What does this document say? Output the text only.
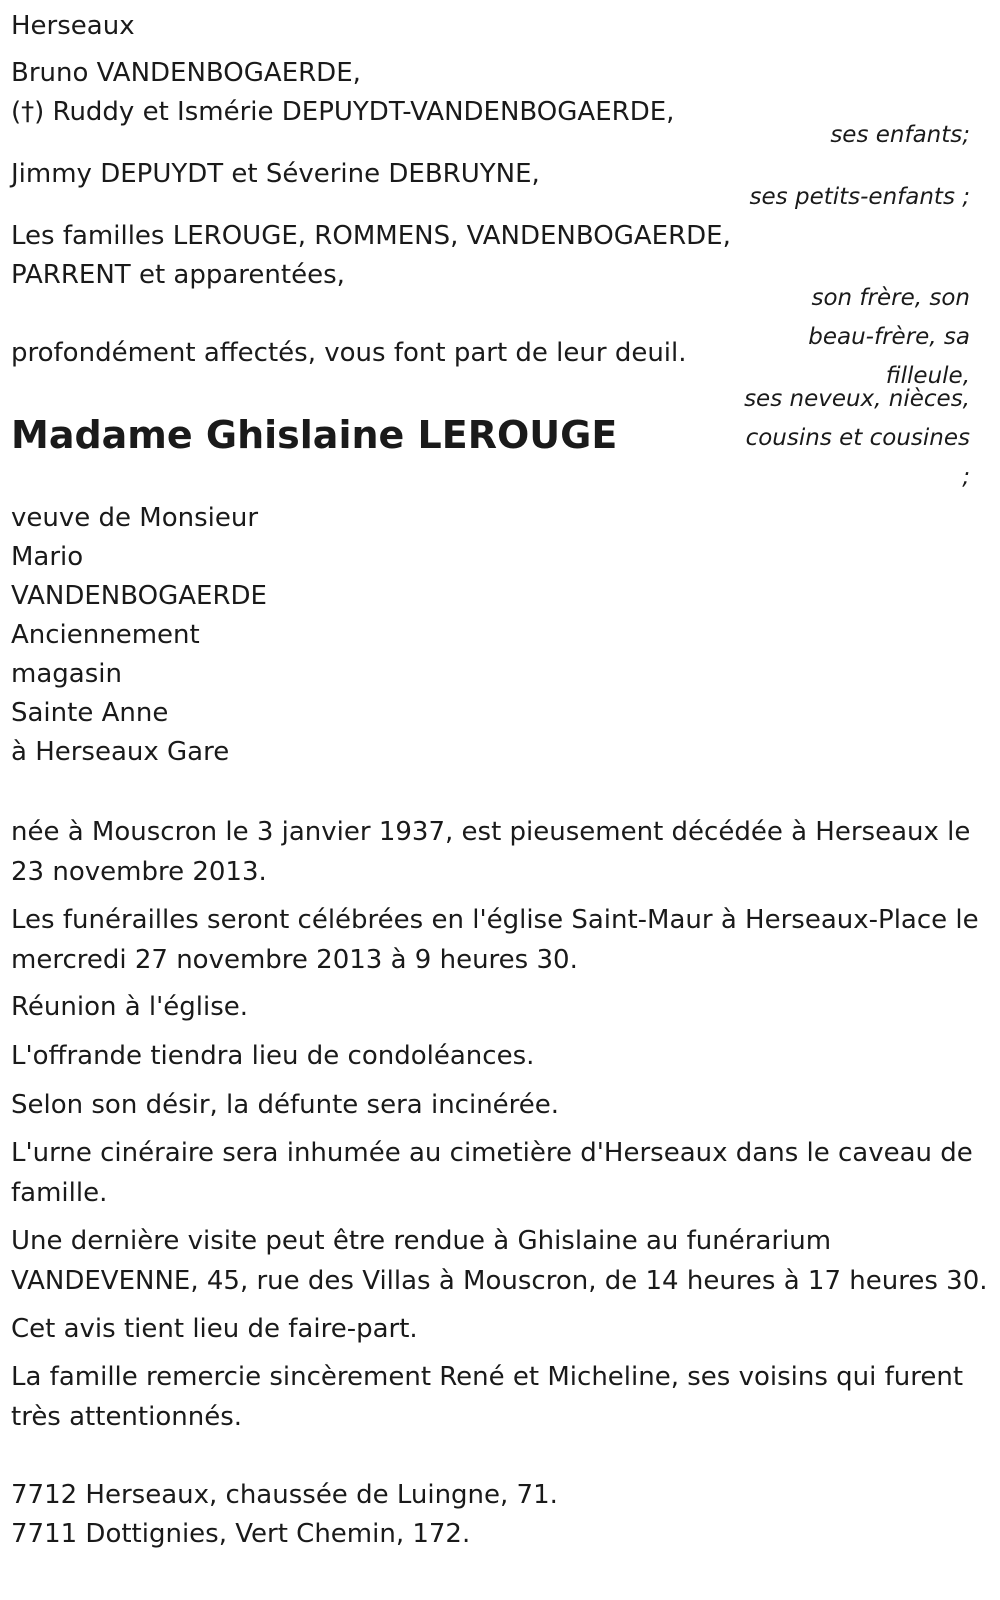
Herseaux
Bruno VANDENBOGAERDE,
(†) Ruddy et Ismérie DEPUYDT-VANDENBOGAERDE,
ses enfants;
Jimmy DEPUYDT et Séverine DEBRUYNE,
ses petits-enfants ;
Les familles LEROUGE, ROMMENS, VANDENBOGAERDE,
PARRENT et apparentées,
son frère, son
beau-frère, sa
filleule,
profondément affectés, vous font part de leur deuil.
ses neveux, nièces,
cousins et cousines
;
Madame Ghislaine LEROUGE
veuve de Monsieur
Mario
VANDENBOGAERDE
Anciennement
magasin
Sainte Anne
à Herseaux Gare
née à Mouscron le 3 janvier 1937, est pieusement décédée à Herseaux le 23 novembre 2013.
Les funérailles seront célébrées en l'église Saint-Maur à Herseaux-Place le mercredi 27 novembre 2013 à 9 heures 30.
Réunion à l'église.
L'offrande tiendra lieu de condoléances.
Selon son désir, la défunte sera incinérée.
L'urne cinéraire sera inhumée au cimetière d'Herseaux dans le caveau de famille.
Une dernière visite peut être rendue à Ghislaine au funérarium VANDEVENNE, 45, rue des Villas à Mouscron, de 14 heures à 17 heures 30.
Cet avis tient lieu de faire-part.
La famille remercie sincèrement René et Micheline, ses voisins qui furent très attentionnés.
7712 Herseaux, chaussée de Luingne, 71.
7711 Dottignies, Vert Chemin, 172.
